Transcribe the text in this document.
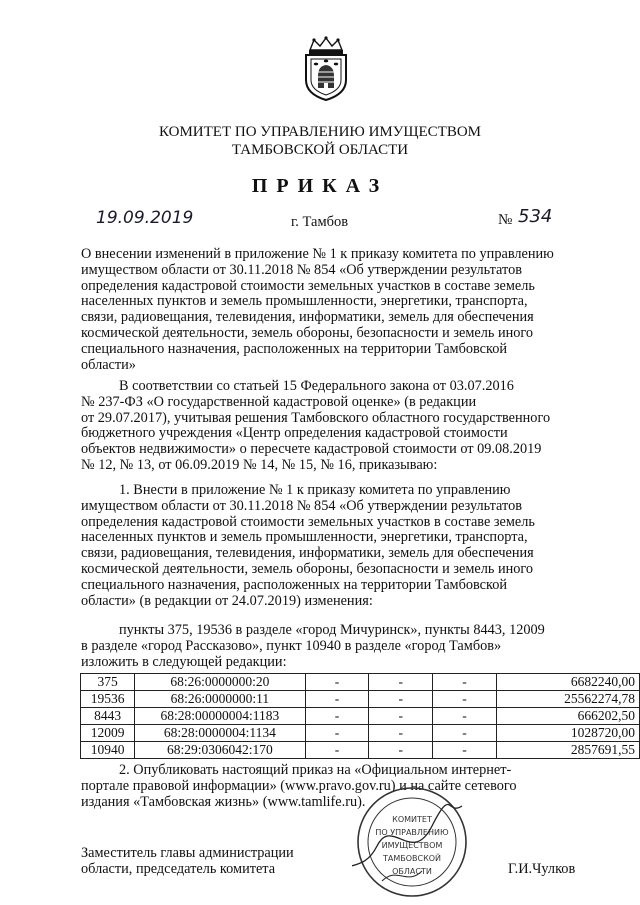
КОМИТЕТ ПО УПРАВЛЕНИЮ ИМУЩЕСТВОМ
ТАМБОВСКОЙ ОБЛАСТИ
ПРИКАЗ
19.09.2019	г. Тамбов	№ 534
О внесении изменений в приложение № 1 к приказу комитета по управлению
имуществом области от 30.11.2018 № 854 «Об утверждении результатов
определения кадастровой стоимости земельных участков в составе земель
населенных пунктов и земель промышленности, энергетики, транспорта,
связи, радиовещания, телевидения, информатики, земель для обеспечения
космической деятельности, земель обороны, безопасности и земель иного
специального назначения, расположенных на территории Тамбовской
области»
В соответствии со статьей 15 Федерального закона от 03.07.2016
№ 237-ФЗ «О государственной кадастровой оценке» (в редакции
от 29.07.2017), учитывая решения Тамбовского областного государственного
бюджетного учреждения «Центр определения кадастровой стоимости
объектов недвижимости» о пересчете кадастровой стоимости от 09.08.2019
№ 12, № 13, от 06.09.2019 № 14, № 15, № 16, приказываю:
1. Внести в приложение № 1 к приказу комитета по управлению
имуществом области от 30.11.2018 № 854 «Об утверждении результатов
определения кадастровой стоимости земельных участков в составе земель
населенных пунктов и земель промышленности, энергетики, транспорта,
связи, радиовещания, телевидения, информатики, земель для обеспечения
космической деятельности, земель обороны, безопасности и земель иного
специального назначения, расположенных на территории Тамбовской
области» (в редакции от 24.07.2019) изменения:
пункты 375, 19536 в разделе «город Мичуринск», пункты 8443, 12009
в разделе «город Рассказово», пункт 10940 в разделе «город Тамбов»
изложить в следующей редакции:
375	68:26:0000000:20	-	-	-	6682240,00
19536	68:26:0000000:11	-	-	-	25562274,78
8443	68:28:00000004:1183	-	-	-	666202,50
12009	68:28:0000004:1134	-	-	-	1028720,00
10940	68:29:0306042:170	-	-	-	2857691,55
2. Опубликовать настоящий приказ на «Официальном интернет-
портале правовой информации» (www.pravo.gov.ru) и на сайте сетевого
издания «Тамбовская жизнь» (www.tamlife.ru).
КОМИТЕТ
ПО УПРАВЛЕНИЮ
ИМУЩЕСТВОМ
ТАМБОВСКОЙ
ОБЛАСТИ
Заместитель главы администрации
области, председатель комитета	Г.И.Чулков
